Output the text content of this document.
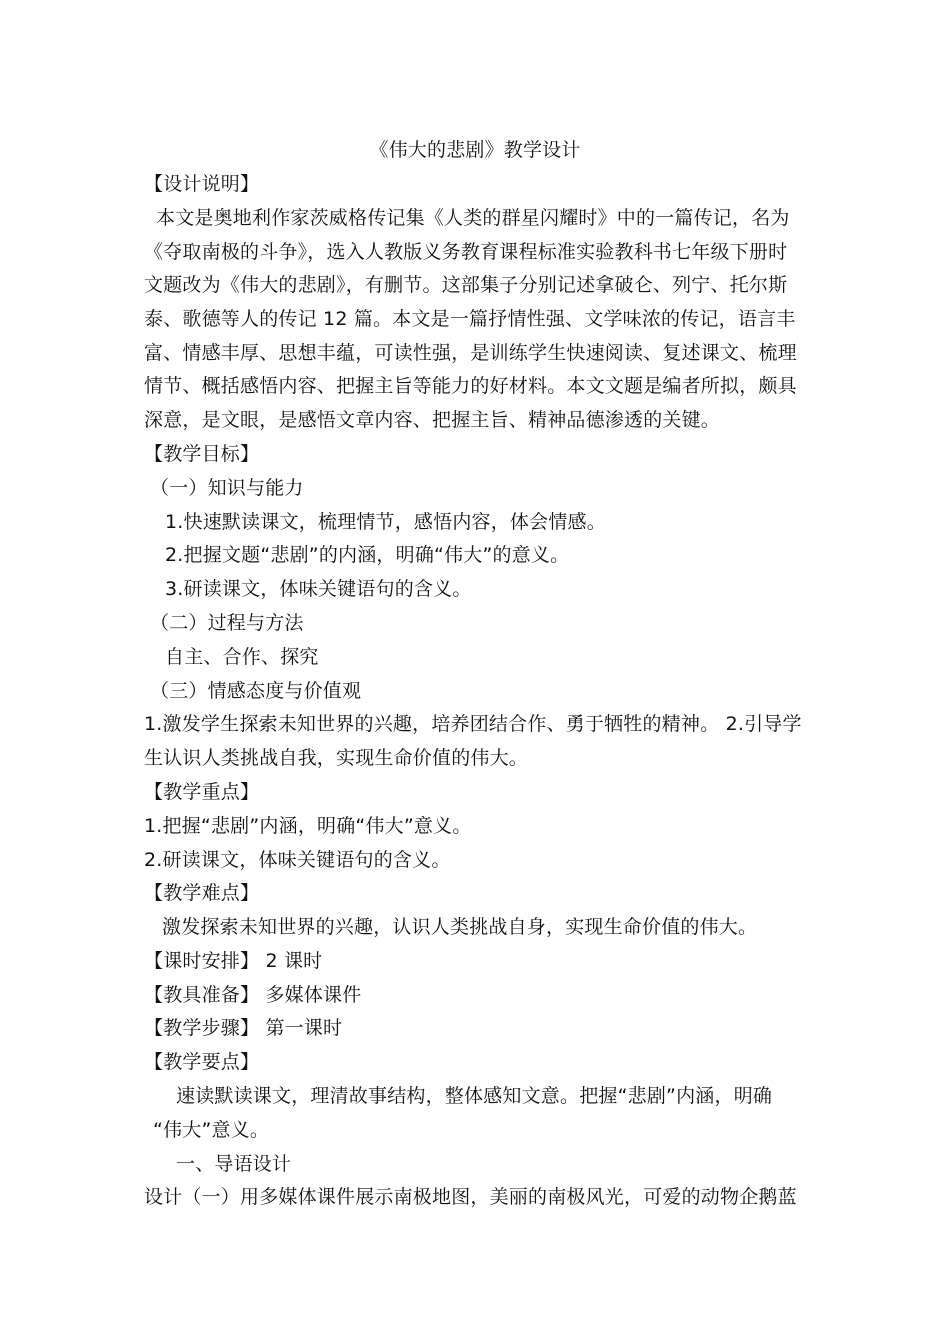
《伟大的悲剧》教学设计
【设计说明】
本文是奥地利作家茨威格传记集《人类的群星闪耀时》中的一篇传记，名为
《夺取南极的斗争》，选入人教版义务教育课程标准实验教科书七年级下册时
文题改为《伟大的悲剧》，有删节。这部集子分别记述拿破仑、列宁、托尔斯
泰、歌德等人的传记 12 篇。本文是一篇抒情性强、文学味浓的传记，语言丰
富、情感丰厚、思想丰蕴，可读性强，是训练学生快速阅读、复述课文、梳理
情节、概括感悟内容、把握主旨等能力的好材料。本文文题是编者所拟，颇具
深意，是文眼，是感悟文章内容、把握主旨、精神品德渗透的关键。
【教学目标】
（一）知识与能力
1.快速默读课文，梳理情节，感悟内容，体会情感。
2.把握文题“悲剧”的内涵，明确“伟大”的意义。
3.研读课文，体味关键语句的含义。
（二）过程与方法
自主、合作、探究
（三）情感态度与价值观
1.激发学生探索未知世界的兴趣，培养团结合作、勇于牺牲的精神。 2.引导学
生认识人类挑战自我，实现生命价值的伟大。
【教学重点】
1.把握“悲剧”内涵，明确“伟大”意义。
2.研读课文，体味关键语句的含义。
【教学难点】
激发探索未知世界的兴趣，认识人类挑战自身，实现生命价值的伟大。
【课时安排】 2 课时
【教具准备】 多媒体课件
【教学步骤】 第一课时
【教学要点】
速读默读课文，理清故事结构，整体感知文意。把握“悲剧”内涵，明确
“伟大”意义。
一、导语设计
设计（一）用多媒体课件展示南极地图，美丽的南极风光，可爱的动物企鹅蓝
